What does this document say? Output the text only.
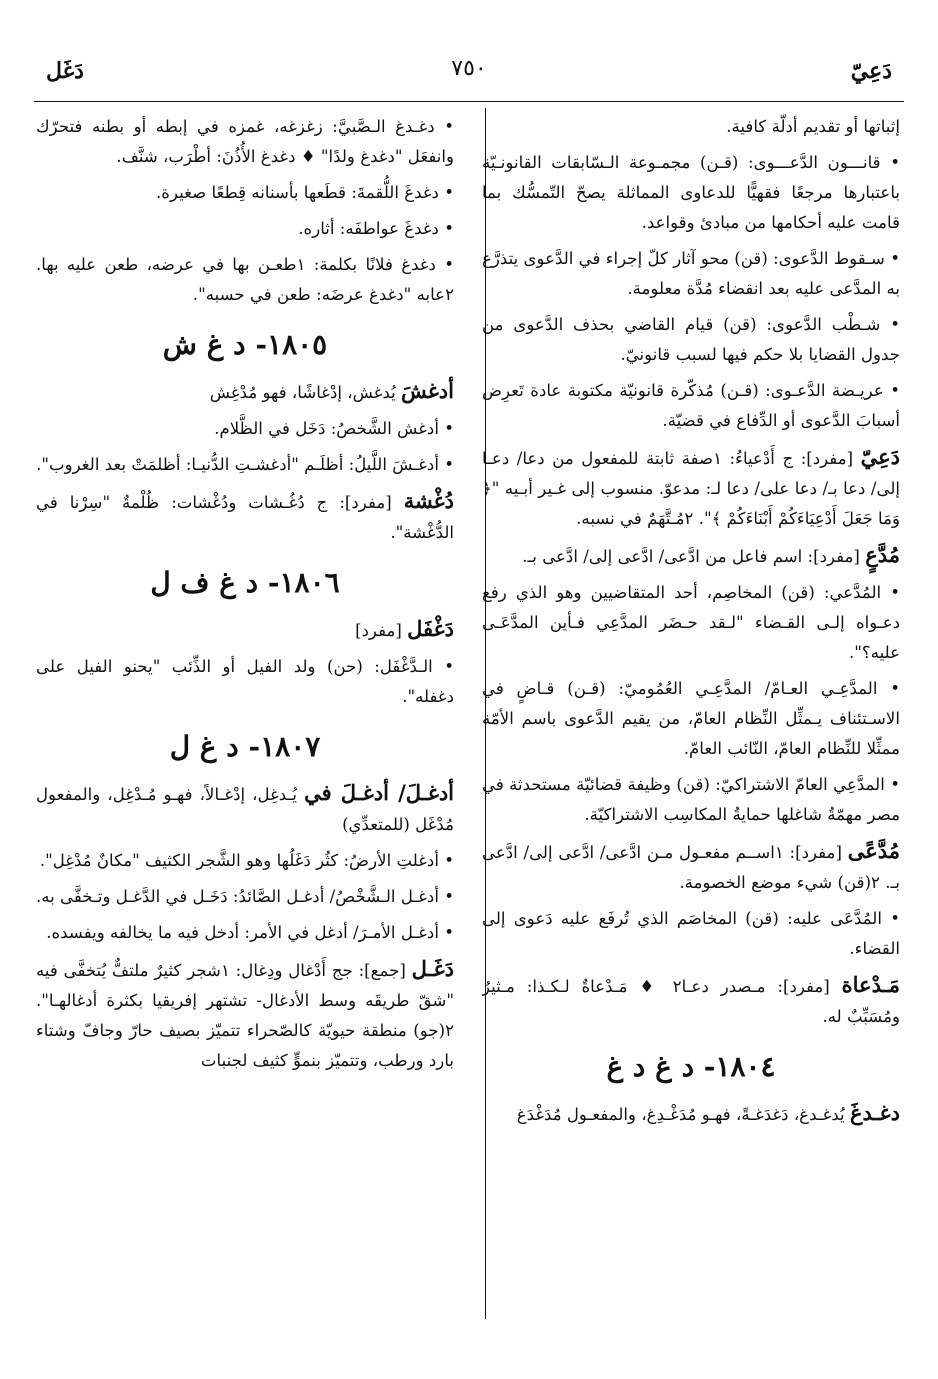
دَعِيّ
٧٥٠
دَغَل

إثباتها أو تقديم أدلّة كافية.

• قانـــون الدَّعـــوى: (قـن) مجمـوعة الـسّابقات القانونـيّة باعتبارها مرجعًا فقهيًّا للدعاوى المماثلة يصحّ التّمسُّك بما قامت عليه أحكامها من مبادئ وقواعد.

• سـقوط الدَّعوى: (قن) محو آثار كلّ إجراء في الدَّعوى يتذرَّع به المدَّعى عليه بعد انقضاء مُدَّة معلومة.

• شـطْب الدَّعوى: (قن) قيام القاضي بحذف الدَّعوى من جدول القضايا بلا حكم فيها لسبب قانونيّ.

• عريـضة الدَّعـوى: (قـن) مُذكّرة قانونيّة مكتوبة عادة تَعرِض أسبابَ الدَّعوى أو الدِّفاع في قضيّة.

دَعِيّ [مفرد]: ج أَدْعياءُ: ١صفة ثابتة للمفعول من دعا/ دعـا إلى/ دعا بـ/ دعا على/ دعا لـ: مدعوّ. منسوب إلى غـير أبـيه "﴿ وَمَا جَعَلَ أَدْعِيَاءَكُمْ أَبْنَاءَكُمْ ﴾". ٢مُـتَّهَمٌ في نسبه.

مُدَّعٍ [مفرد]: اسم فاعل من ادَّعى/ ادَّعى إلى/ ادَّعى بـ.

• المُدَّعي: (قن) المخاصِم، أحد المتقاضيين وهو الذي رفع دعـواه إلـى القـضاء "لـقد حـضَر المدَّعِي فـأين المدَّعَـى عليه؟".

• المدَّعِـي العـامّ/ المدَّعِـي العُمُوميّ: (قـن) قـاضٍ في الاسـتئناف يـمثِّل النِّظام العامّ، من يقيم الدَّعوى باسم الأمّة ممثِّلا للنِّظام العامّ، النّائب العامّ.

• المدَّعِي العامّ الاشتراكيّ: (قن) وظيفة قضائيّة مستحدثة في مصر مهمّةُ شاغلها حمايةُ المكاسِب الاشتراكيّة.

مُدَّعًى [مفرد]: ١اســم مفعـول مـن ادَّعى/ ادَّعى إلى/ ادَّعى بـ. ٢(قن) شيء موضع الخصومة.

• المُدَّعَى عليه: (قن) المخاصَم الذي تُرفَع عليه دَعوى إلى القضاء.

مَـدْعاة [مفرد]: مـصدر دعـا٢ ♦ مَـدْعاةٌ لـكـذا: مـثيرٌ ومُسَبِّبٌ له.

١٨٠٤- د غ د غ

دغـدغَ يُدغـدغ، دَغدَغـةً، فهـو مُدَغْـدِغ، والمفعـول مُدَغْدَغ

• دغـدغ الـصَّبيَّ: زغزغه، غمزه في إبطه أو بطنه فتحرّك وانفعَل "دغدغ ولدًا" ♦ دغدغ الأُذُنَ: أطْرَب، شنَّف.

• دغدغَ اللُّقمةَ: قطَعها بأسنانه قِطعًا صغيرة.

• دغدغَ عواطفَه: أثاره.

• دغدغ فلانًا بكلمة: ١طعـن بها في عرضه، طعن عليه بها. ٢عابه "دغدغ عرضَه: طعن في حسبه".

١٨٠٥- د غ ش

أدغشَ يُدغش، إدْغاشًا، فهو مُدْغِش

• أدغش الشَّخصُ: دَخَل في الظَّلام.

• أدغـشَ اللَّيلُ: أظلَـم "أدغشـتِ الدُّنيـا: أظلمَتْ بعد الغروب".

دُغْشة [مفرد]: ج دُغُـشات ودُغْشات: ظُلْمةٌ "سِرْنا في الدُّغْشة".

١٨٠٦- د غ ف ل

دَغْفَل [مفرد]

• الـدَّغْفَل: (حن) ولد الفيل أو الذِّئب "يحنو الفيل على دغفله".

١٨٠٧- د غ ل

أدغـلَ/ أدغـلَ في يُـدغِل، إدْغـالاً، فهـو مُـدْغِل، والمفعول مُدْغَل (للمتعدِّي)

• أدغلتِ الأرضُ: كثُر دَغَلُها وهو الشَّجر الكثيف "مكانٌ مُدْغِل".

• أدغـل الـشَّخْصُ/ أدغـل الصَّائدُ: دَخَـل في الدَّغـل وتـخفَّى به.

• أدغـل الأمـرَ/ أدغل في الأمر: أدخل فيه ما يخالفه ويفسده.

دَغَـل [جمع]: جج أَدْغال ودِغال: ١شجر كثيرٌ ملتفٌّ يُتخفَّى فيه "شقّ طريقَه وسط الأدغال- تشتهر إفريقيا بكثرة أدغالهـا". ٢(جو) منطقة حيويّة كالصّحراء تتميّز بصيف حارّ وجافّ وشتاء بارد ورطب، وتتميّز بنموٍّ كثيف لجنبات
